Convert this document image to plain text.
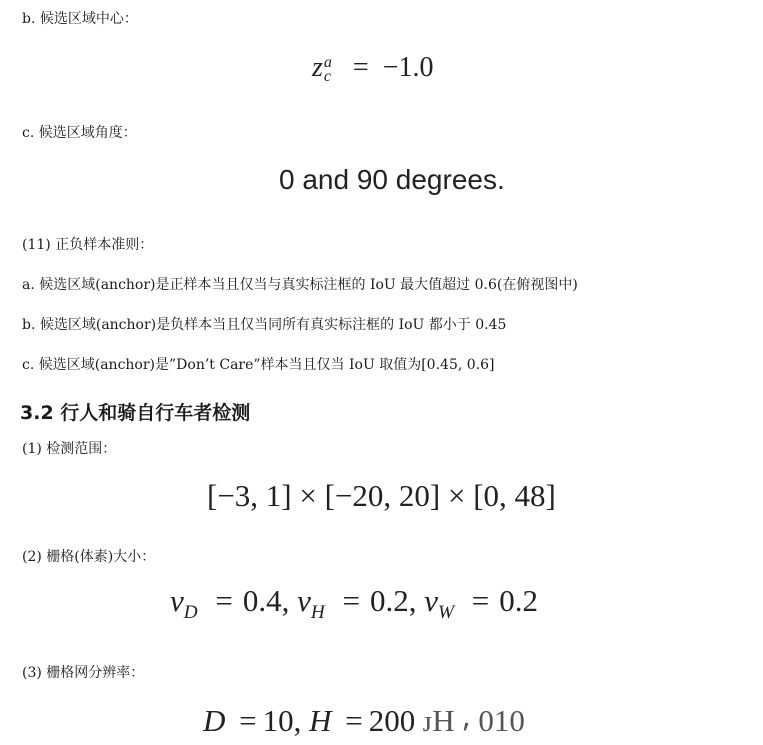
b. 候选区域中心：
z a
c = −1.0
c. 候选区域角度：
0 and 90 degrees.
(11) 正负样本准则：
a. 候选区域(anchor)是正样本当且仅当与真实标注框的 IoU 最大值超过 0.6(在俯视图中)
b. 候选区域(anchor)是负样本当且仅当同所有真实标注框的 IoU 都小于 0.45
c. 候选区域(anchor)是”Don’t Care”样本当且仅当 IoU 取值为[0.45, 0.6]
3.2 行人和骑自行车者检测
(1) 检测范围：
[−3, 1] × [−20, 20] × [0, 48]
(2) 栅格(体素)大小：
$v_D = 0.4$, $v_H = 0.2$, $v_W = 0.2$
(3) 栅格网分辨率：
D = 10, H = 200 ᴊH ⸴ 010
